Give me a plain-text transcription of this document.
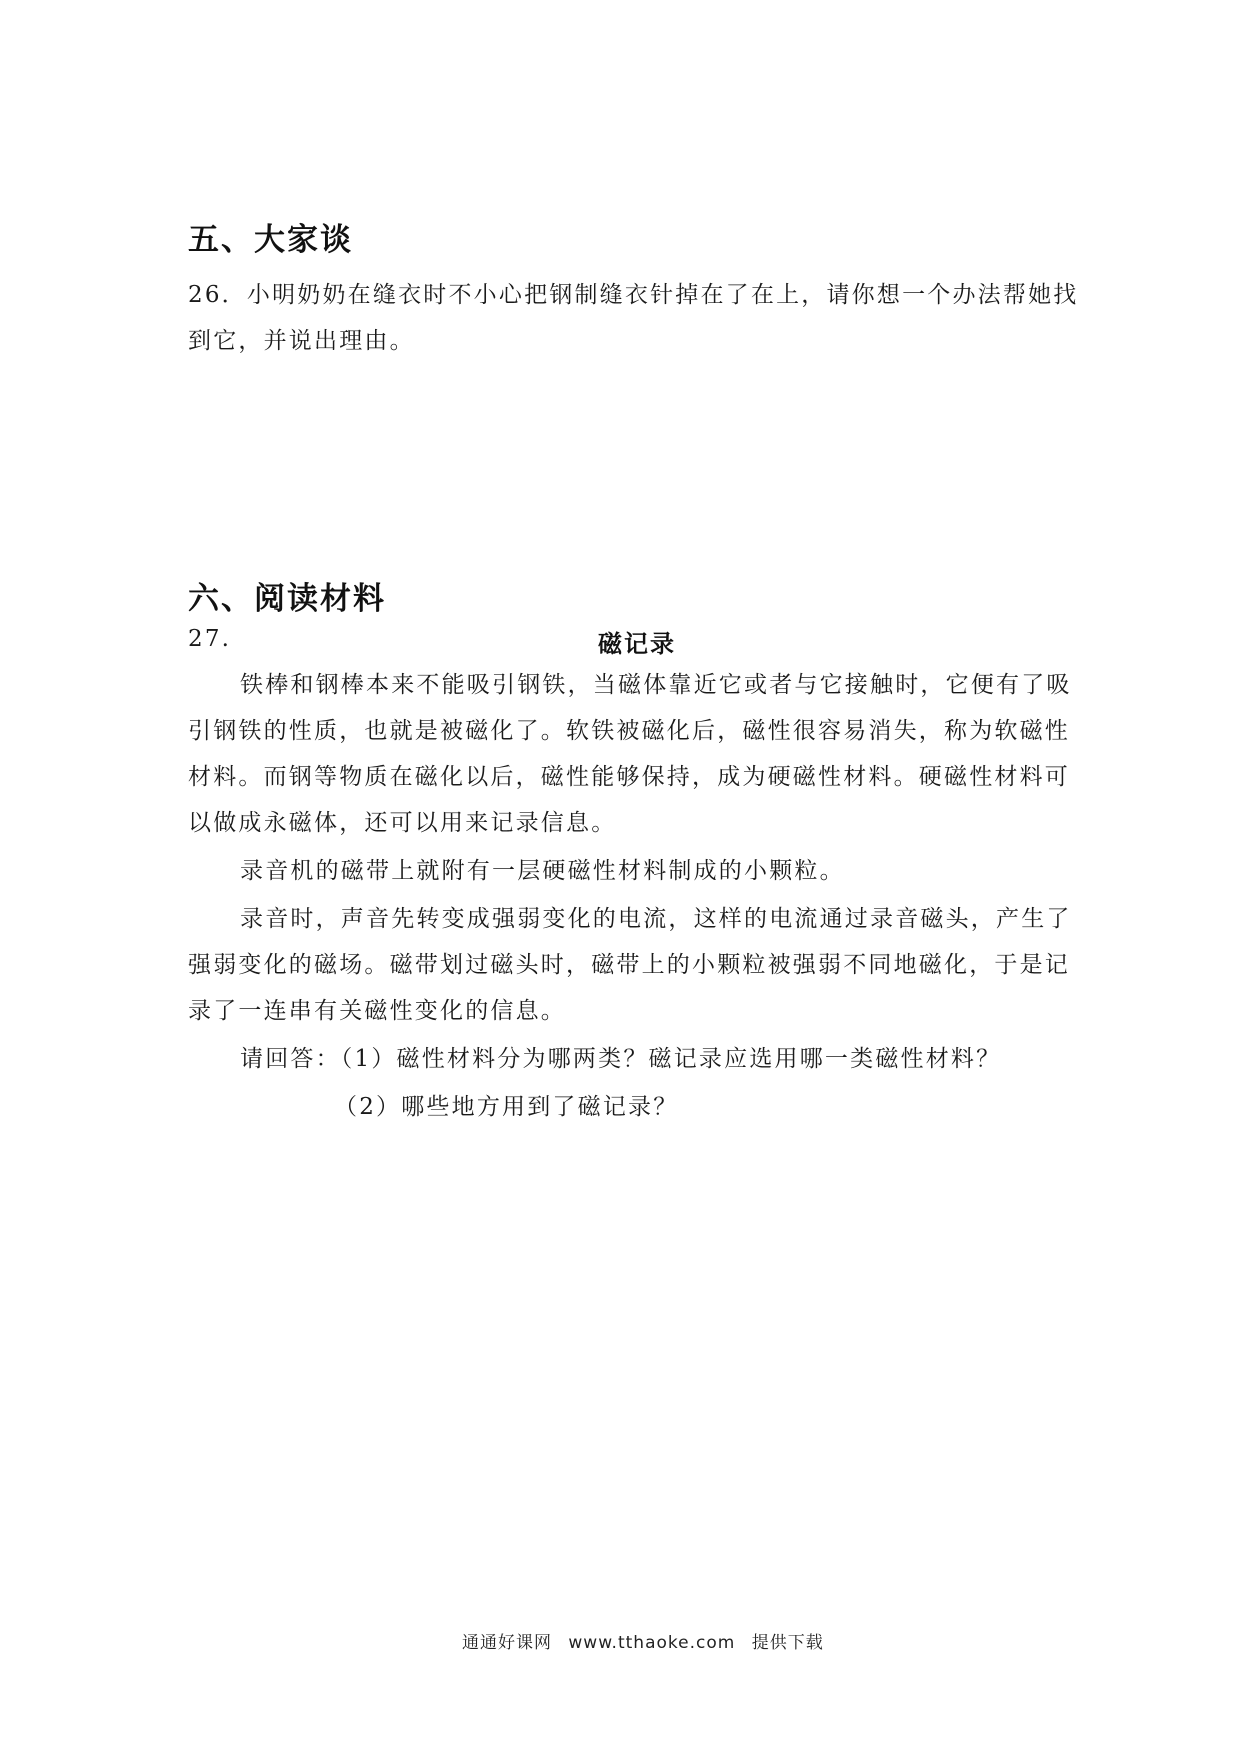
五、大家谈
26．小明奶奶在缝衣时不小心把钢制缝衣针掉在了在上，请你想一个办法帮她找
到它，并说出理由。
六、阅读材料
27.	磁记录
铁棒和钢棒本来不能吸引钢铁，当磁体靠近它或者与它接触时，它便有了吸
引钢铁的性质，也就是被磁化了。软铁被磁化后，磁性很容易消失，称为软磁性
材料。而钢等物质在磁化以后，磁性能够保持，成为硬磁性材料。硬磁性材料可
以做成永磁体，还可以用来记录信息。
录音机的磁带上就附有一层硬磁性材料制成的小颗粒。
录音时，声音先转变成强弱变化的电流，这样的电流通过录音磁头，产生了
强弱变化的磁场。磁带划过磁头时，磁带上的小颗粒被强弱不同地磁化，于是记
录了一连串有关磁性变化的信息。
请回答：（1）磁性材料分为哪两类？磁记录应选用哪一类磁性材料？
（2）哪些地方用到了磁记录？
通通好课网 www.tthaoke.com 提供下载
